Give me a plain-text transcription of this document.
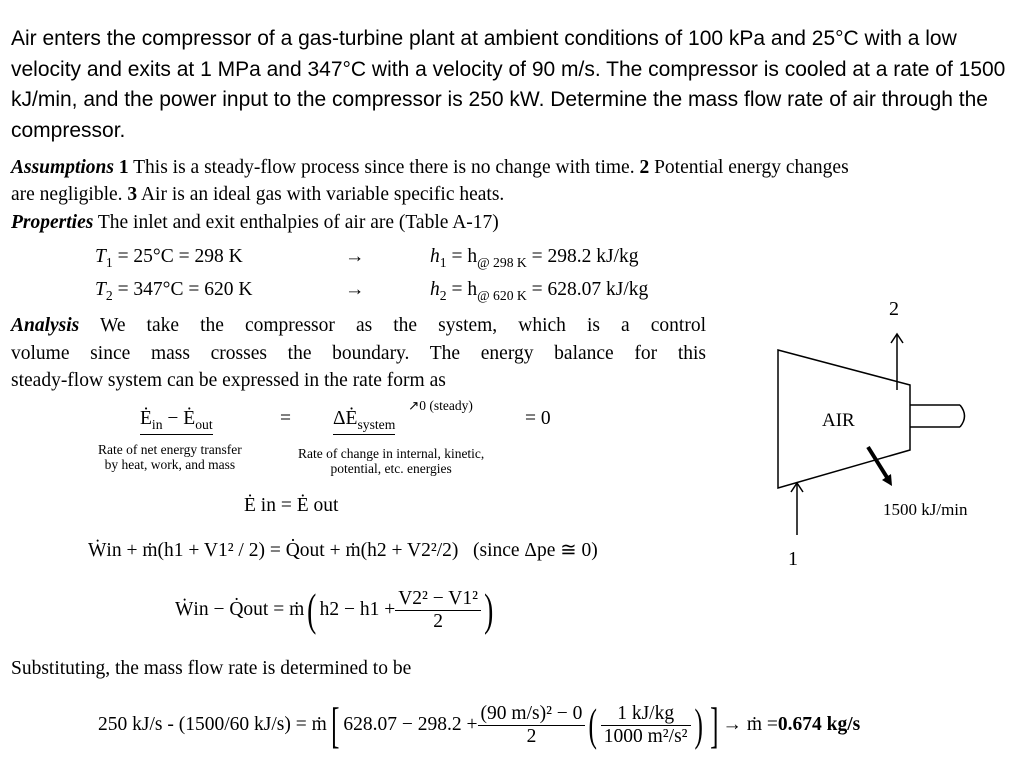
Air enters the compressor of a gas-turbine plant at ambient conditions of 100 kPa and 25°C with a low velocity and exits at 1 MPa and 347°C with a velocity of 90 m/s. The compressor is cooled at a rate of 1500 kJ/min, and the power input to the compressor is 250 kW. Determine the mass flow rate of air through the compressor.
Assumptions 1 This is a steady-flow process since there is no change with time. 2 Potential energy changes
are negligible. 3 Air is an ideal gas with variable specific heats.
Properties The inlet and exit enthalpies of air are (Table A-17)
$T_1 = 25^\circ C = 298$ K	→	$h_1 = h_{@ 298 K} = 298.2$ kJ/kg
$T_2 = 347^\circ C = 620$ K	→	$h_2 = h_{@ 620 K} = 628.07$ kJ/kg
Analysis We take the compressor as the system, which is a control
volume since mass crosses the boundary. The energy balance for this
steady-flow system can be expressed in the rate form as
$Ė_{in}$ − $Ė_{out}$	= $\Delta Ė_{system}$
↗0 (steady)
= 0
Rate of net energy transfer
by heat, work, and mass
Rate of change in internal, kinetic,
potential, etc. energies
Ė in = Ė out
Ẇin + ṁ(h1 + V1² / 2) = Q̇out + ṁ(h2 + V2²/2) (since Δpe ≅ 0)
Ẇin − Q̇out = ṁ ( $h2 - h1 + \frac{\text{V2² − V1²}}{2}$ )
Substituting, the mass flow rate is determined to be
250 kJ/s - (1500/60 kJ/s) = ṁ [ $628.07 - 298.2 + \frac{\text{(90 m/s)² − 0}}{2}$ ( $\frac{1 kJ/kg}{\text{1000 m²/s²}}$ ) ] → ṁ = 0.674 kg/s
2
1
AIR
1500 kJ/min
